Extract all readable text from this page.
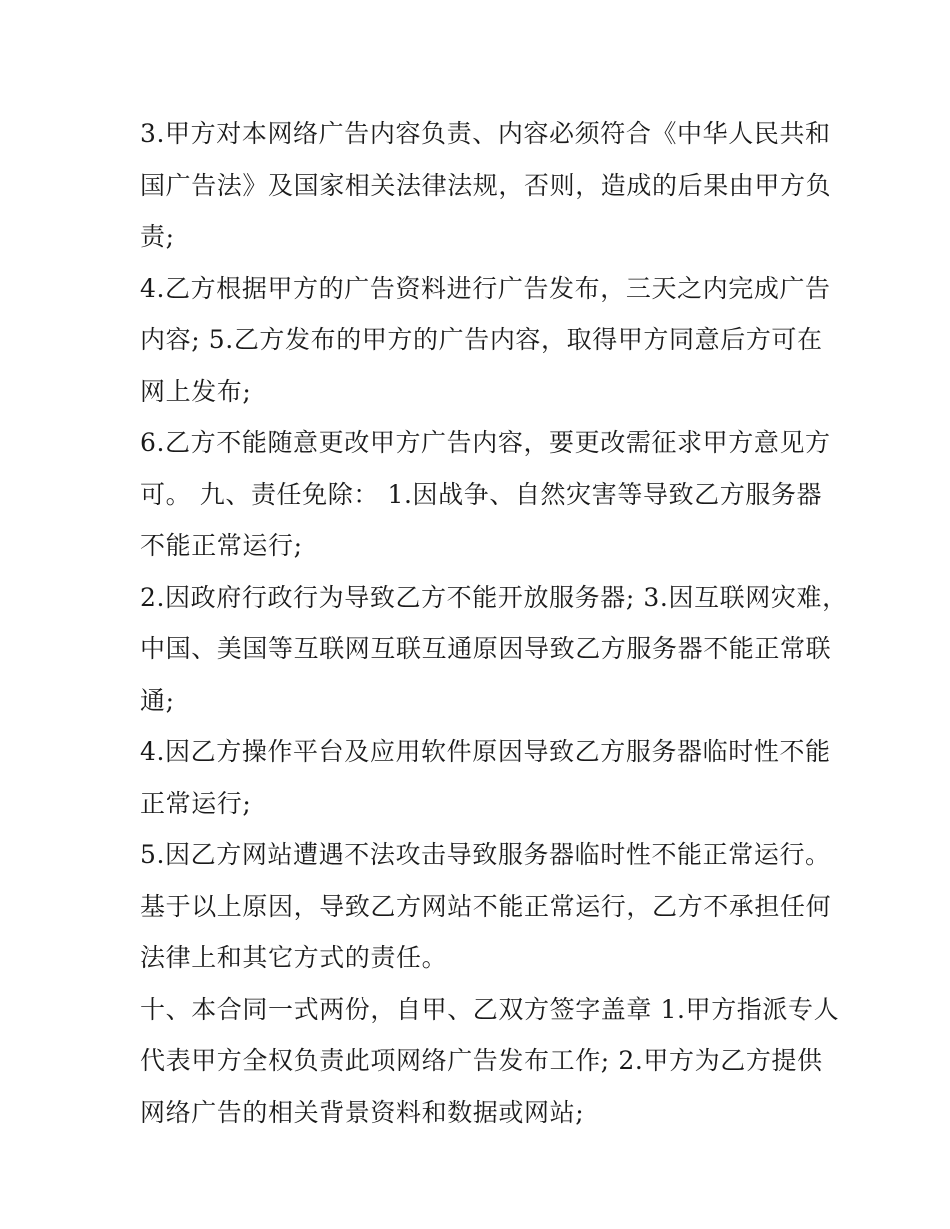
3.甲方对本网络广告内容负责、内容必须符合《中华人民共和
国广告法》及国家相关法律法规，否则，造成的后果由甲方负
责;
4.乙方根据甲方的广告资料进行广告发布，三天之内完成广告
内容; 5.乙方发布的甲方的广告内容，取得甲方同意后方可在
网上发布;
6.乙方不能随意更改甲方广告内容，要更改需征求甲方意见方
可。 九、责任免除： 1.因战争、自然灾害等导致乙方服务器
不能正常运行;
2.因政府行政行为导致乙方不能开放服务器; 3.因互联网灾难，
中国、美国等互联网互联互通原因导致乙方服务器不能正常联
通;
4.因乙方操作平台及应用软件原因导致乙方服务器临时性不能
正常运行;
5.因乙方网站遭遇不法攻击导致服务器临时性不能正常运行。
基于以上原因，导致乙方网站不能正常运行，乙方不承担任何
法律上和其它方式的责任。
十、本合同一式两份，自甲、乙双方签字盖章 1.甲方指派专人
代表甲方全权负责此项网络广告发布工作; 2.甲方为乙方提供
网络广告的相关背景资料和数据或网站;
